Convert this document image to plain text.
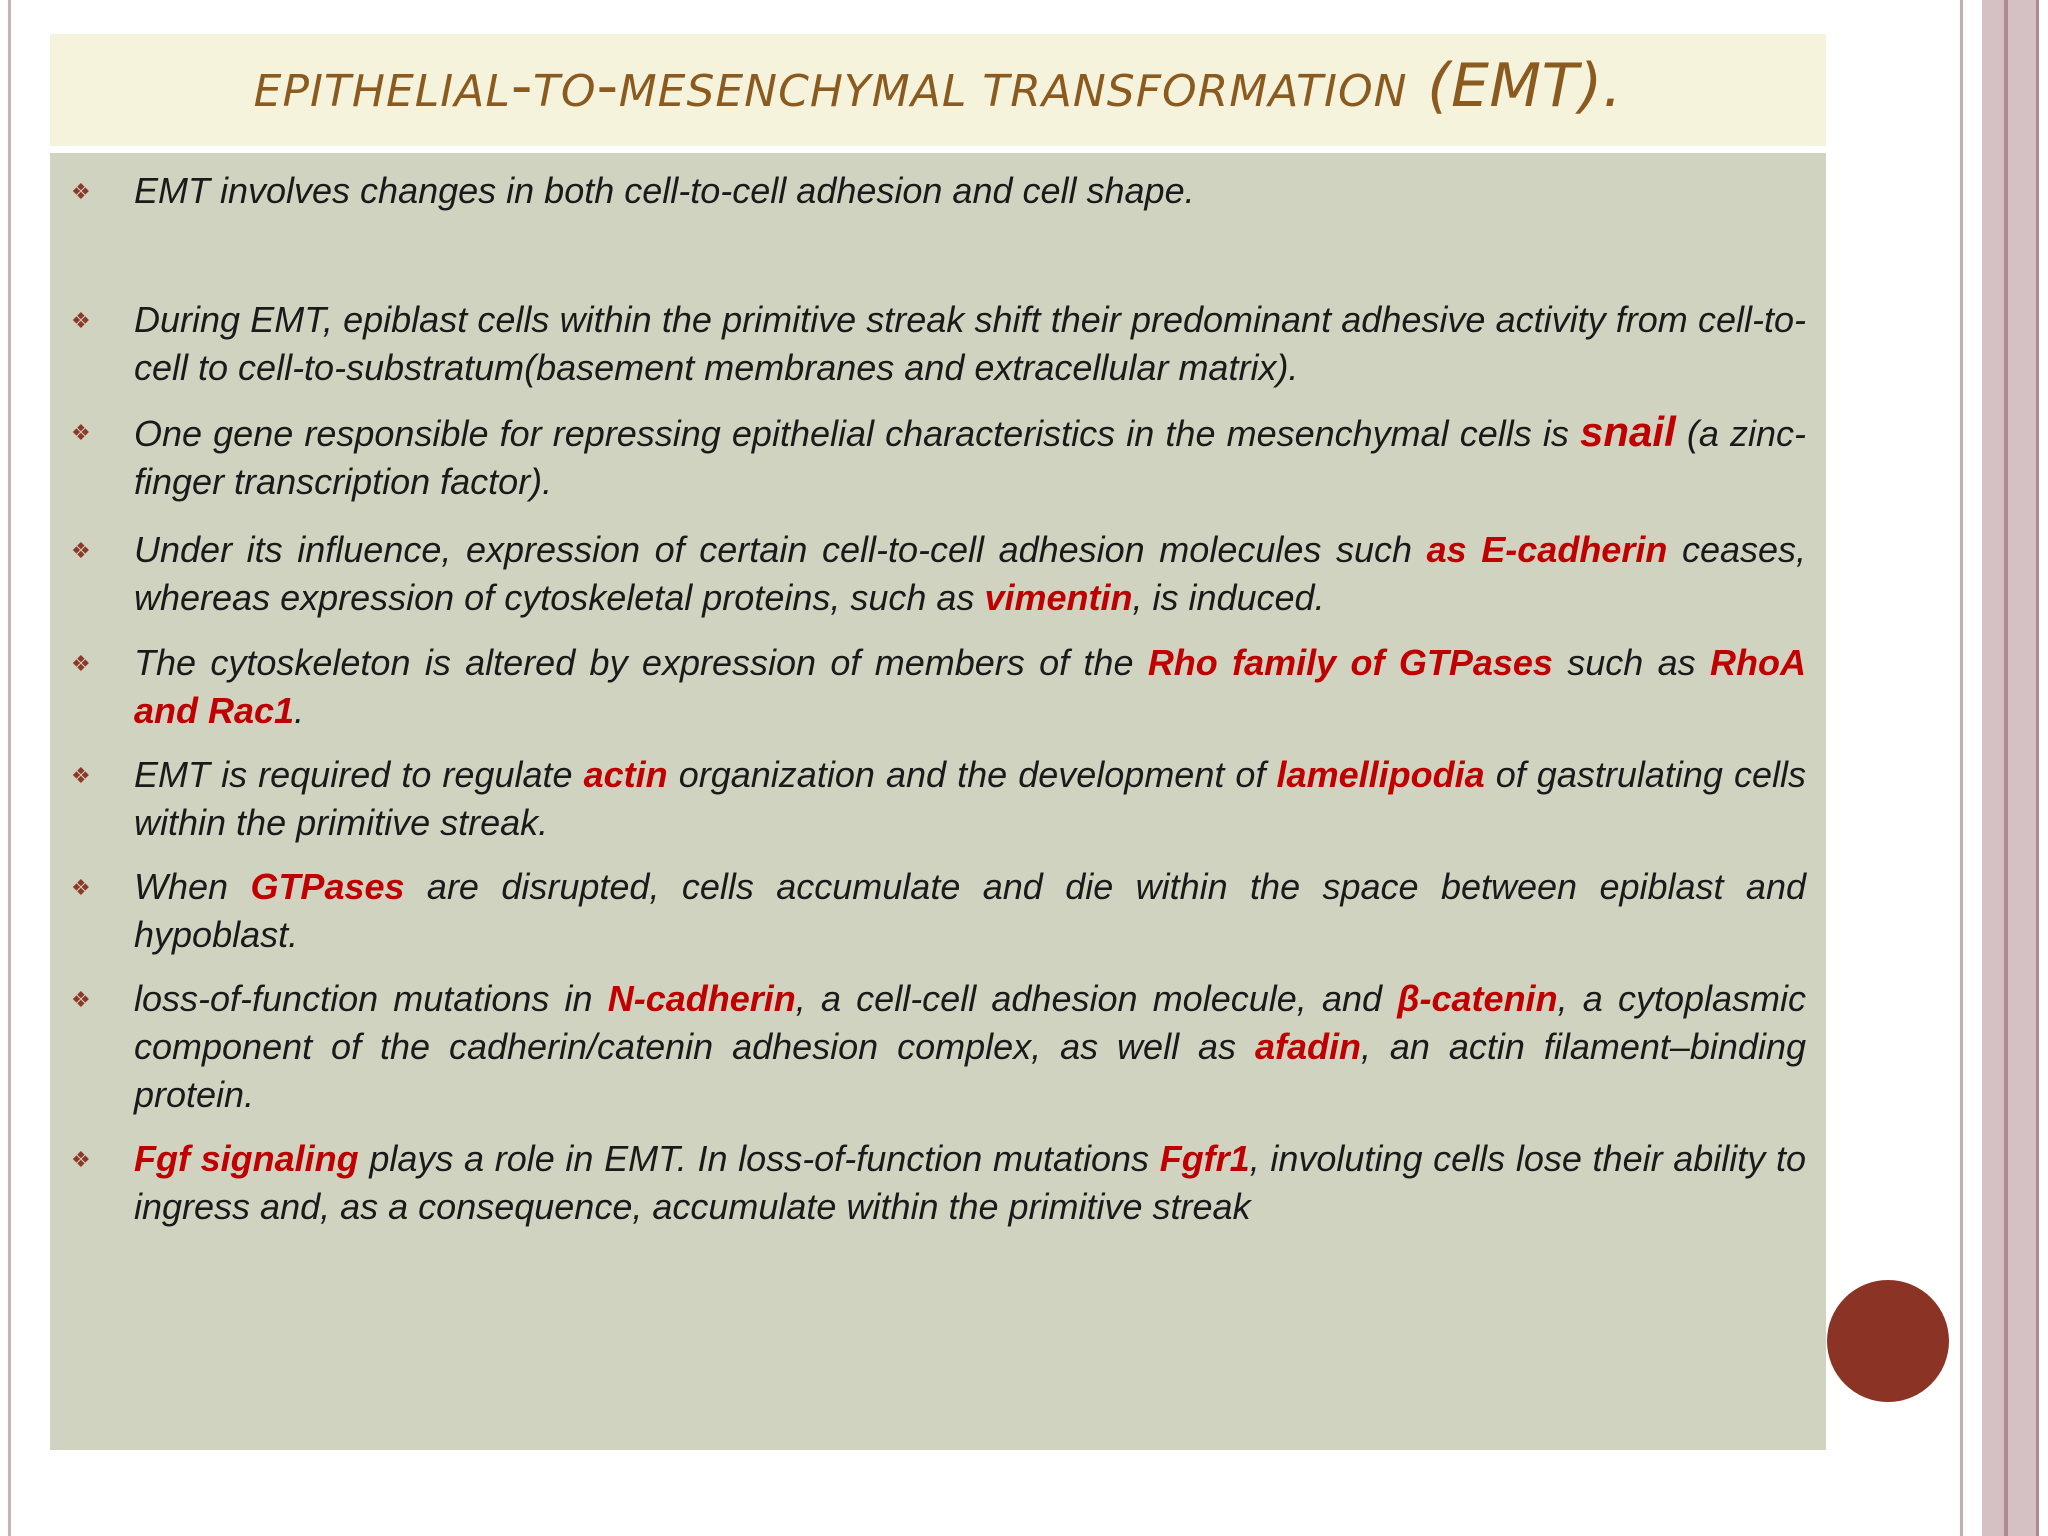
EPITHELIAL-TO-MESENCHYMAL TRANSFORMATION (EMT).
❖ EMT involves changes in both cell-to-cell adhesion and cell shape.
❖ During EMT, epiblast cells within the primitive streak shift their predominant adhesive activity from cell-to-cell to cell-to-substratum(basement membranes and extracellular matrix).
❖ One gene responsible for repressing epithelial characteristics in the mesenchymal cells is snail (a zinc-finger transcription factor).
❖ Under its influence, expression of certain cell-to-cell adhesion molecules such as E-cadherin ceases, whereas expression of cytoskeletal proteins, such as vimentin, is induced.
❖ The cytoskeleton is altered by expression of members of the Rho family of GTPases such as RhoA and Rac1.
❖ EMT is required to regulate actin organization and the development of lamellipodia of gastrulating cells within the primitive streak.
❖ When GTPases are disrupted, cells accumulate and die within the space between epiblast and hypoblast.
❖ loss-of-function mutations in N-cadherin, a cell-cell adhesion molecule, and β-catenin, a cytoplasmic component of the cadherin/catenin adhesion complex, as well as afadin, an actin filament–binding protein.
❖ Fgf signaling plays a role in EMT. In loss-of-function mutations Fgfr1, involuting cells lose their ability to ingress and, as a consequence, accumulate within the primitive streak
